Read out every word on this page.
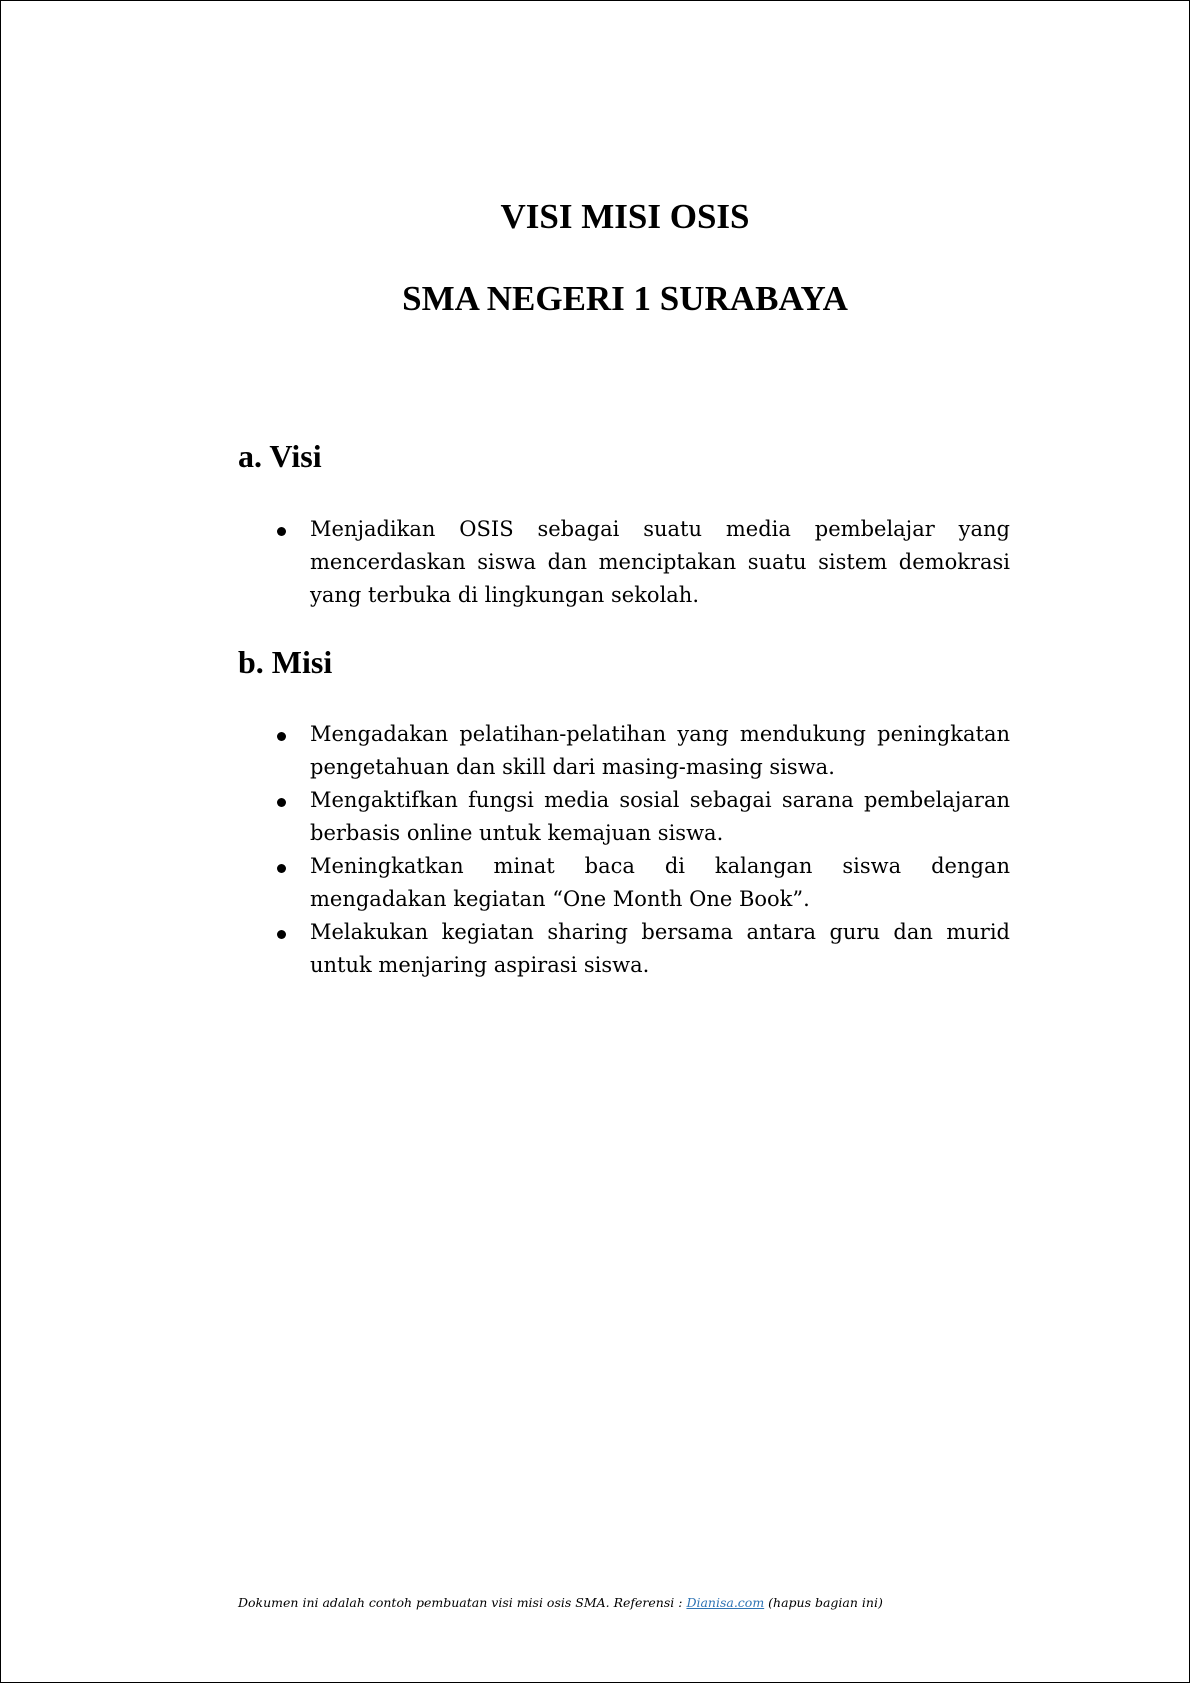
VISI MISI OSIS
SMA NEGERI 1 SURABAYA
a. Visi
Menjadikan OSIS sebagai suatu media pembelajar yang mencerdaskan siswa dan menciptakan suatu sistem demokrasi yang terbuka di lingkungan sekolah.
b. Misi
Mengadakan pelatihan-pelatihan yang mendukung peningkatan pengetahuan dan skill dari masing-masing siswa.
Mengaktifkan fungsi media sosial sebagai sarana pembelajaran berbasis online untuk kemajuan siswa.
Meningkatkan minat baca di kalangan siswa dengan mengadakan kegiatan “One Month One Book”.
Melakukan kegiatan sharing bersama antara guru dan murid untuk menjaring aspirasi siswa.

Dokumen ini adalah contoh pembuatan visi misi osis SMA. Referensi : Dianisa.com (hapus bagian ini)
